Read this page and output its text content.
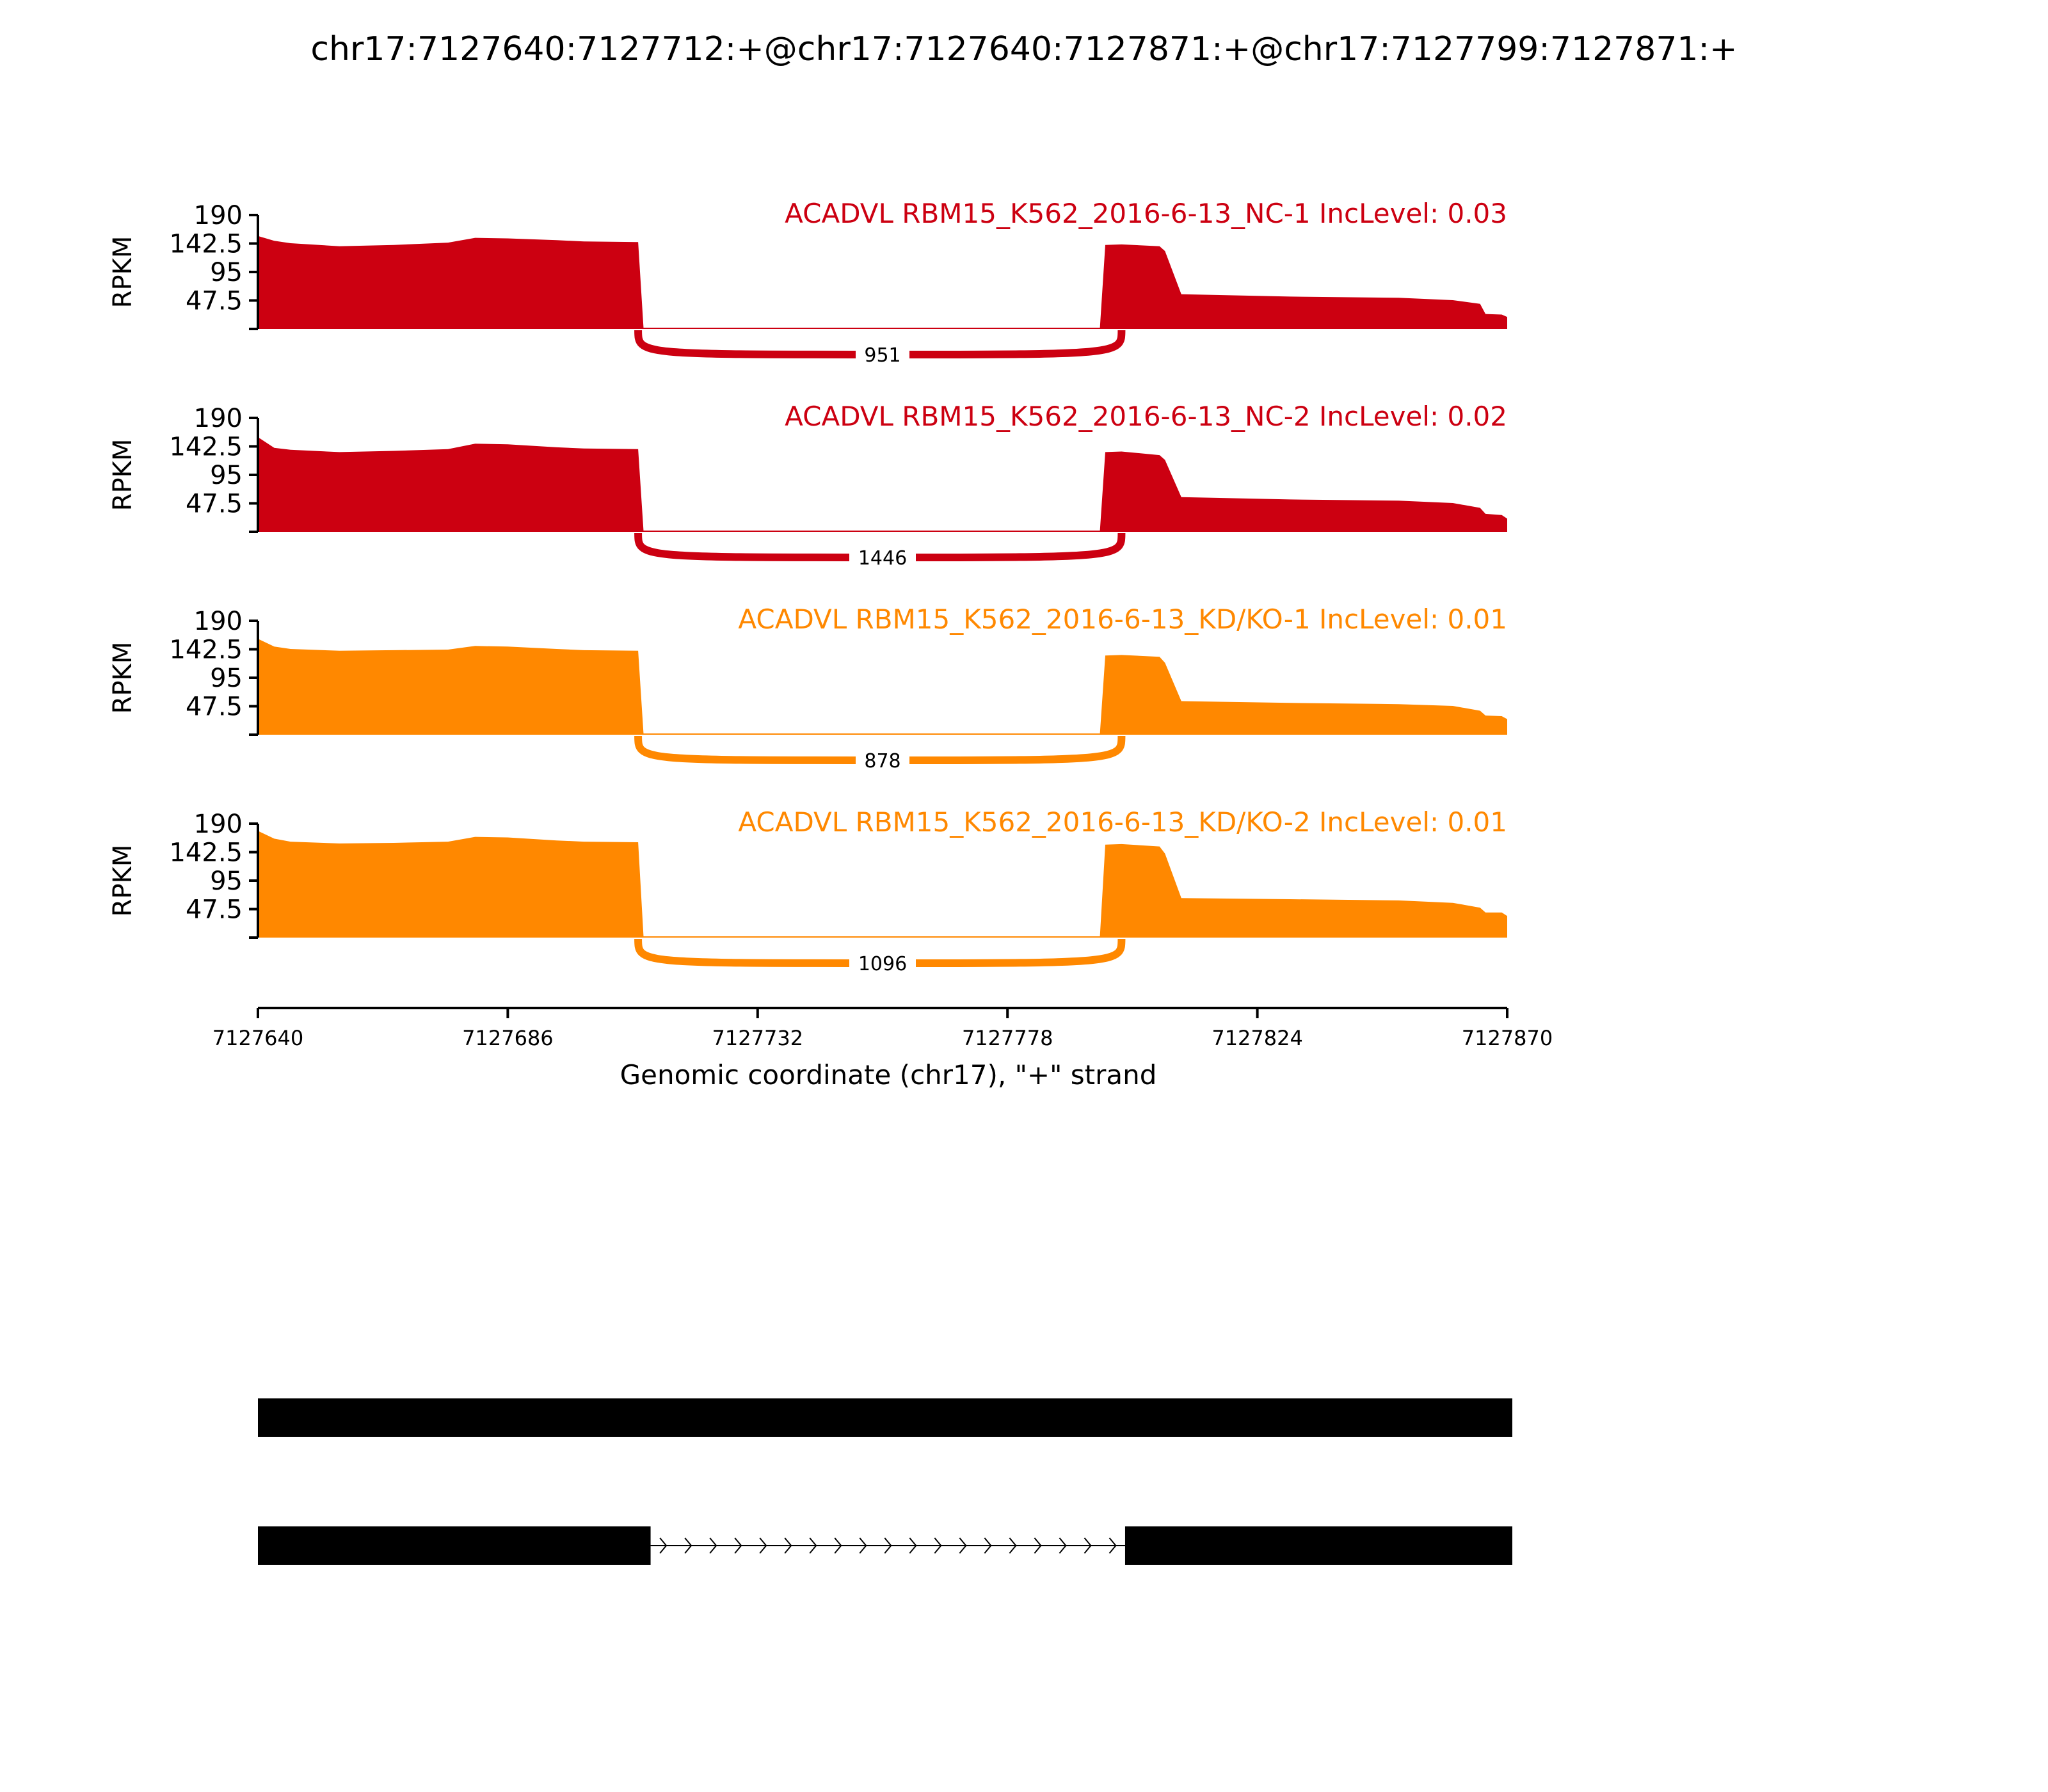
chr17:7127640:7127712:+@chr17:7127640:7127871:+@chr17:7127799:7127871:+
951
47.5
95
142.5
190
RPKM
ACADVL RBM15_K562_2016-6-13_NC-1 IncLevel: 0.03
1446
47.5
95
142.5
190
RPKM
ACADVL RBM15_K562_2016-6-13_NC-2 IncLevel: 0.02
878
47.5
95
142.5
190
RPKM
ACADVL RBM15_K562_2016-6-13_KD/KO-1 IncLevel: 0.01
1096
47.5
95
142.5
190
RPKM
ACADVL RBM15_K562_2016-6-13_KD/KO-2 IncLevel: 0.01
7127640	7127686	7127732	7127778	7127824	7127870
Genomic coordinate (chr17), "+" strand
